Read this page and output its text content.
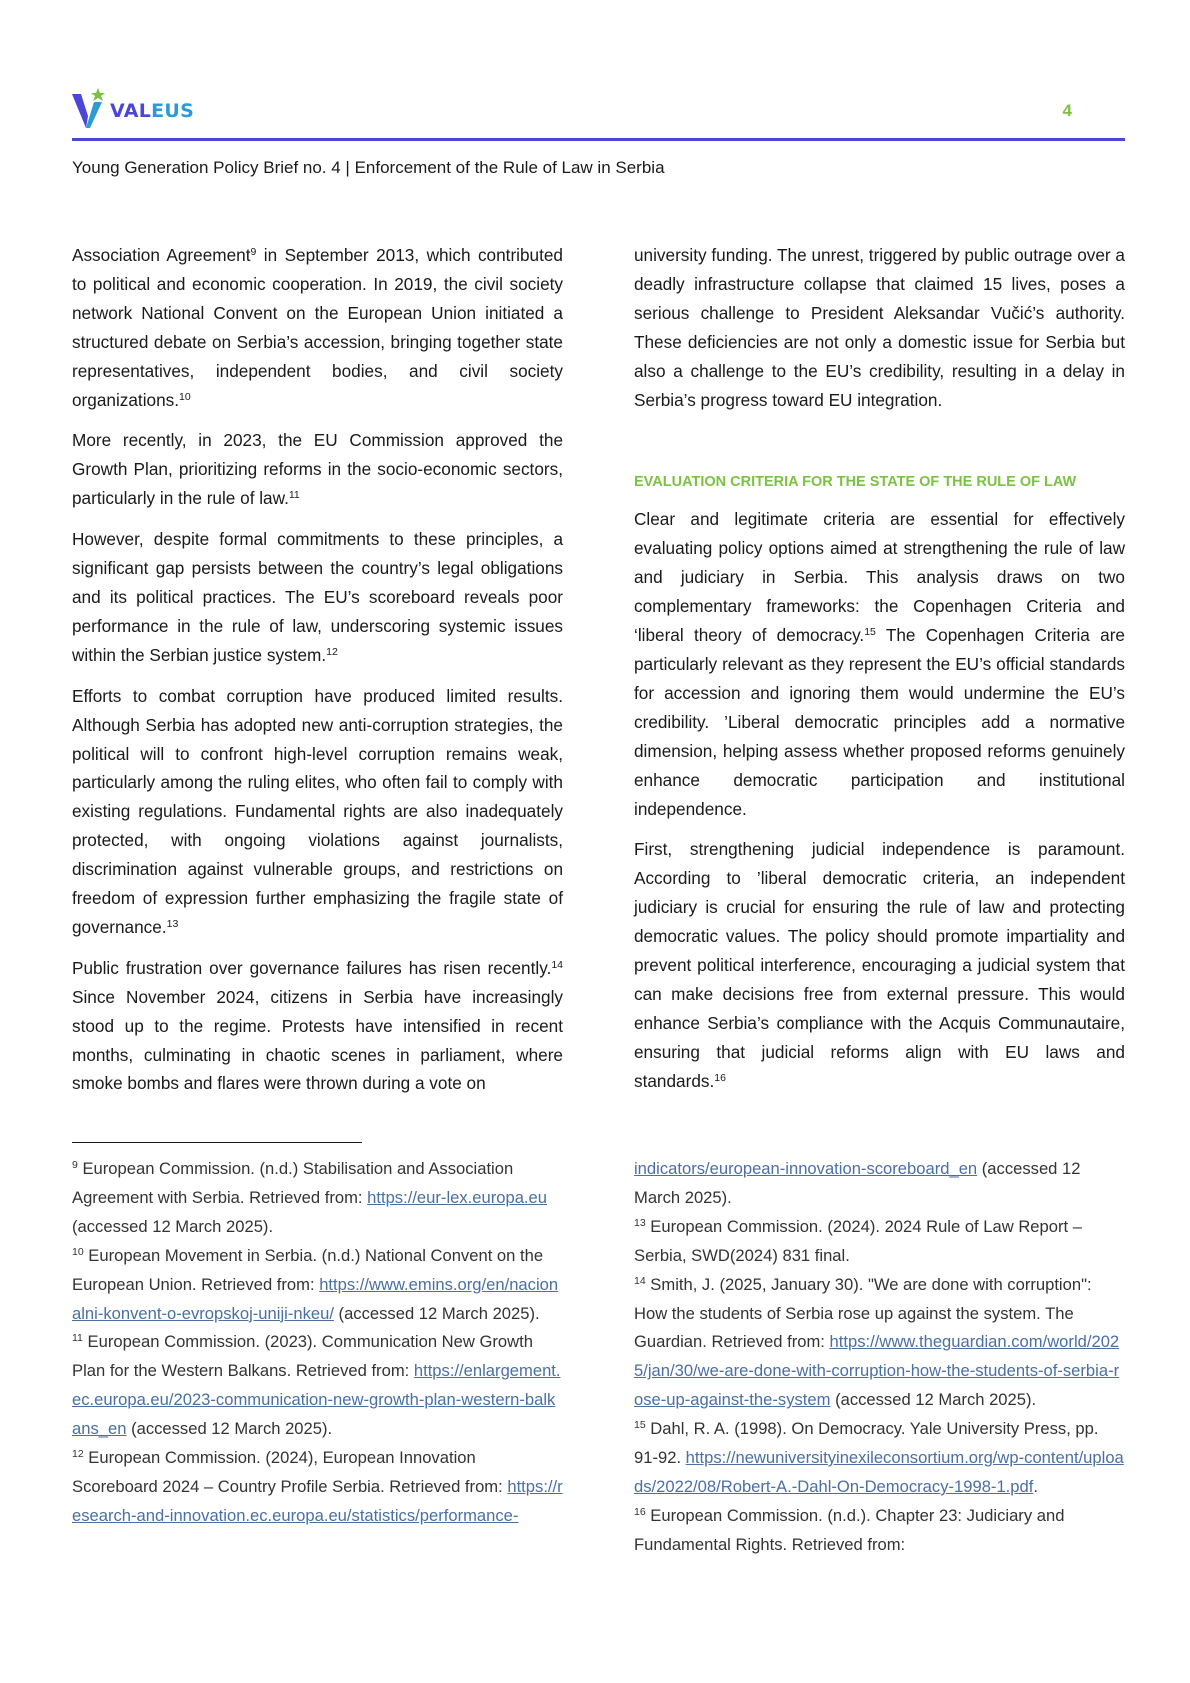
VALEUS	4
Young Generation Policy Brief no. 4 | Enforcement of the Rule of Law in Serbia

Association Agreement$^9$ in September 2013, which contributed to political and economic cooperation. In 2019, the civil society network National Convent on the European Union initiated a structured debate on Serbia’s accession, bringing together state representatives, independent bodies, and civil society organizations.$^{10}$

More recently, in 2023, the EU Commission approved the Growth Plan, prioritizing reforms in the socio-economic sectors, particularly in the rule of law.$^{11}$

However, despite formal commitments to these principles, a significant gap persists between the country’s legal obligations and its political practices. The EU’s scoreboard reveals poor performance in the rule of law, underscoring systemic issues within the Serbian justice system.$^{12}$

Efforts to combat corruption have produced limited results. Although Serbia has adopted new anti-corruption strategies, the political will to confront high-level corruption remains weak, particularly among the ruling elites, who often fail to comply with existing regulations. Fundamental rights are also inadequately protected, with ongoing violations against journalists, discrimination against vulnerable groups, and restrictions on freedom of expression further emphasizing the fragile state of governance.$^{13}$

Public frustration over governance failures has risen recently.$^{14}$ Since November 2024, citizens in Serbia have increasingly stood up to the regime. Protests have intensified in recent months, culminating in chaotic scenes in parliament, where smoke bombs and flares were thrown during a vote on

university funding. The unrest, triggered by public outrage over a deadly infrastructure collapse that claimed 15 lives, poses a serious challenge to President Aleksandar Vučić’s authority. These deficiencies are not only a domestic issue for Serbia but also a challenge to the EU’s credibility, resulting in a delay in Serbia’s progress toward EU integration.

EVALUATION CRITERIA FOR THE STATE OF THE RULE OF LAW

Clear and legitimate criteria are essential for effectively evaluating policy options aimed at strengthening the rule of law and judiciary in Serbia. This analysis draws on two complementary frameworks: the Copenhagen Criteria and ‘liberal theory of democracy.$^{15}$ The Copenhagen Criteria are particularly relevant as they represent the EU’s official standards for accession and ignoring them would undermine the EU’s credibility. ’Liberal democratic principles add a normative dimension, helping assess whether proposed reforms genuinely enhance democratic participation and institutional independence.

First, strengthening judicial independence is paramount. According to ’liberal democratic criteria, an independent judiciary is crucial for ensuring the rule of law and protecting democratic values. The policy should promote impartiality and prevent political interference, encouraging a judicial system that can make decisions free from external pressure. This would enhance Serbia’s compliance with the Acquis Communautaire, ensuring that judicial reforms align with EU laws and standards.$^{16}$

$^9$ European Commission. (n.d.) Stabilisation and Association Agreement with Serbia. Retrieved from: https://eur-lex.europa.eu (accessed 12 March 2025).

$^{10}$ European Movement in Serbia. (n.d.) National Convent on the European Union. Retrieved from: https://www.emins.org/en/nacionalni-konvent-o-evropskoj-uniji-nkeu/ (accessed 12 March 2025).

$^{11}$ European Commission. (2023). Communication New Growth Plan for the Western Balkans. Retrieved from: https://enlargement.ec.europa.eu/2023-communication-new-growth-plan-western-balkans_en (accessed 12 March 2025).

$^{12}$ European Commission. (2024), European Innovation Scoreboard 2024 – Country Profile Serbia. Retrieved from: https://research-and-innovation.ec.europa.eu/statistics/performance-

indicators/european-innovation-scoreboard_en (accessed 12 March 2025).

$^{13}$ European Commission. (2024). 2024 Rule of Law Report – Serbia, SWD(2024) 831 final.

$^{14}$ Smith, J. (2025, January 30). "We are done with corruption": How the students of Serbia rose up against the system. The Guardian. Retrieved from: https://www.theguardian.com/world/2025/jan/30/we-are-done-with-corruption-how-the-students-of-serbia-rose-up-against-the-system (accessed 12 March 2025).

$^{15}$ Dahl, R. A. (1998). On Democracy. Yale University Press, pp. 91-92. https://newuniversityinexileconsortium.org/wp-content/uploads/2022/08/Robert-A.-Dahl-On-Democracy-1998-1.pdf.

$^{16}$ European Commission. (n.d.). Chapter 23: Judiciary and Fundamental Rights. Retrieved from:
